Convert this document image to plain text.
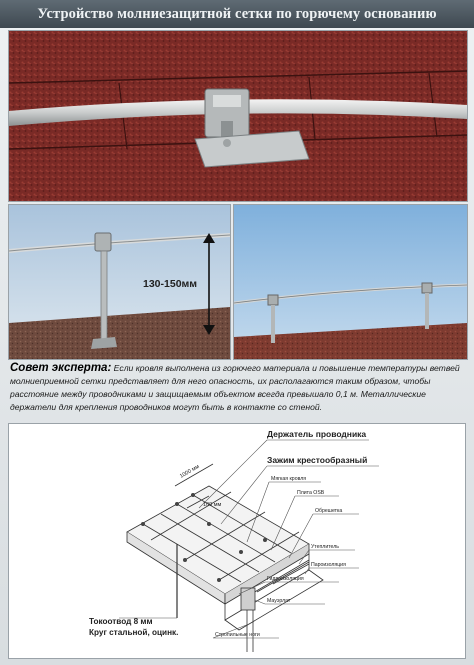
Устройство молниезащитной сетки по горючему основанию
130-150мм
Совет эксперта: Если кровля выполнена из горючего материала и повышение температуры ветвей молниеприемной сетки представляет для него опасность, их располагаются таким образом, чтобы расстояние между проводниками и защищаемым объектом всегда превышало 0,1 м. Металлические держатели для крепления проводников могут быть в контакте со стеной.
Держатель проводника
Зажим крестообразный
1000 мм
100 мм
Мягкая кровля
Плита OSB
Обрешетка
Утеплитель
Пароизоляция
Гидроизоляция
Мауэрлат
Стропильные ноги
Токоотвод 8 мм
Круг стальной, оцинк.
